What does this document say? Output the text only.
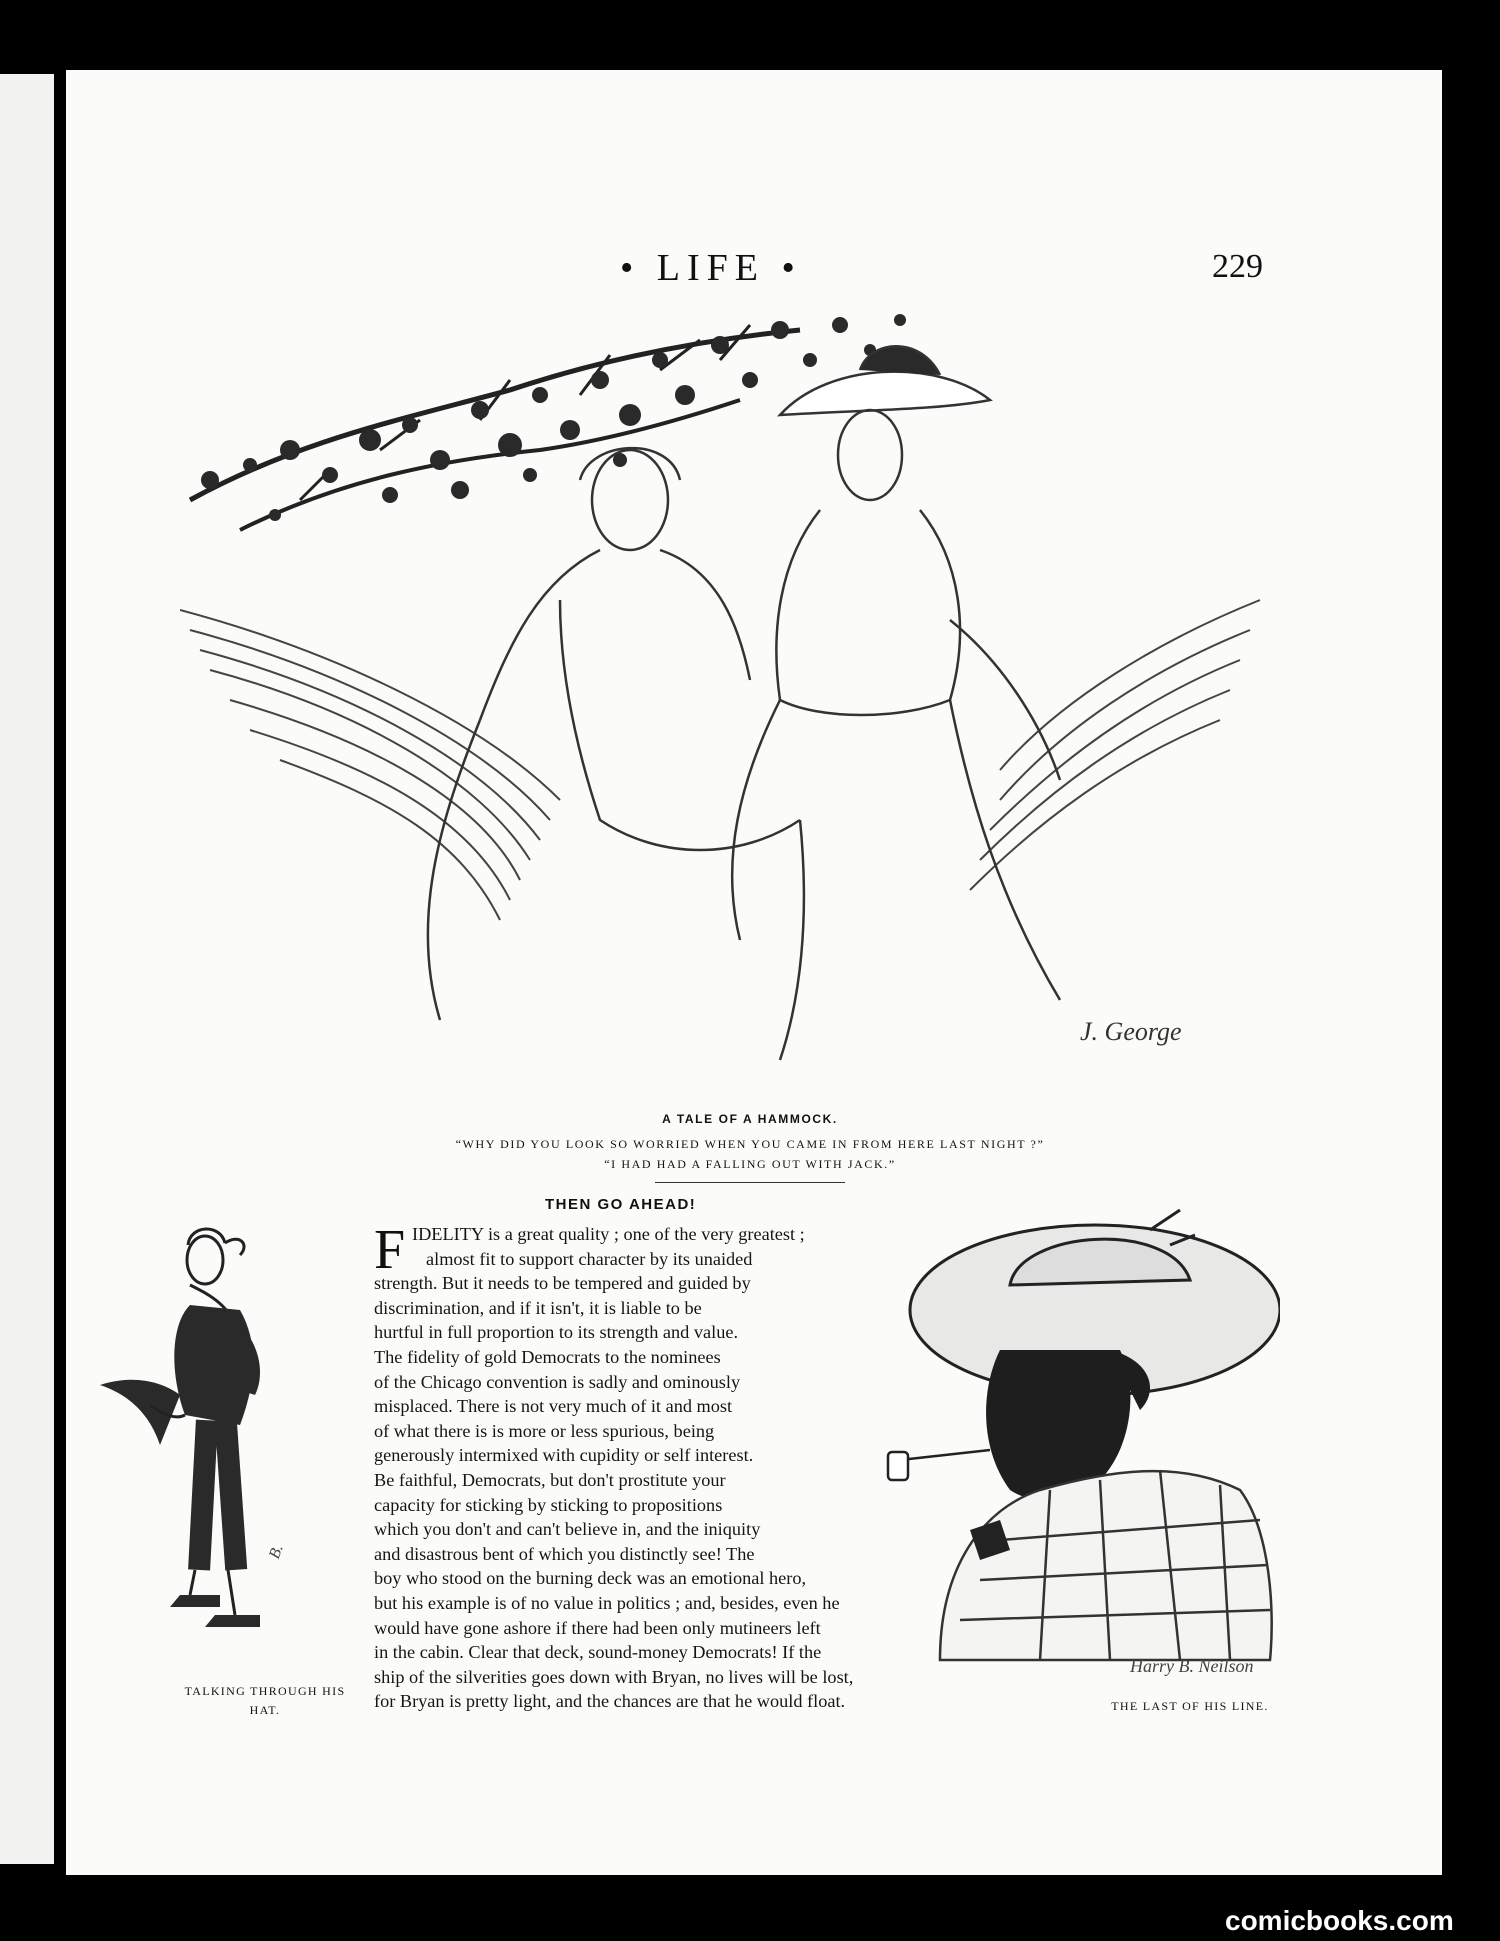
• LIFE •	229
J. George
A TALE OF A HAMMOCK.
“WHY DID YOU LOOK SO WORRIED WHEN YOU CAME IN FROM HERE LAST NIGHT ?”
“I HAD HAD A FALLING OUT WITH JACK.”
THEN GO AHEAD!
F IDELITY is a great quality ; one of the very greatest ;
almost fit to support character by its unaided
strength. But it needs to be tempered and guided by
discrimination, and if it isn't, it is liable to be
hurtful in full proportion to its strength and value.
The fidelity of gold Democrats to the nominees
of the Chicago convention is sadly and ominously
misplaced. There is not very much of it and most
of what there is is more or less spurious, being
generously intermixed with cupidity or self interest.
Be faithful, Democrats, but don't prostitute your
capacity for sticking by sticking to propositions
which you don't and can't believe in, and the iniquity
and disastrous bent of which you distinctly see! The
boy who stood on the burning deck was an emotional hero,
but his example is of no value in politics ; and, besides, even he
would have gone ashore if there had been only mutineers left
in the cabin. Clear that deck, sound-money Democrats! If the
ship of the silverities goes down with Bryan, no lives will be lost,
for Bryan is pretty light, and the chances are that he would float.
B.
TALKING THROUGH HIS
HAT.
Harry B. Neilson
THE LAST OF HIS LINE.
comicbooks.com
